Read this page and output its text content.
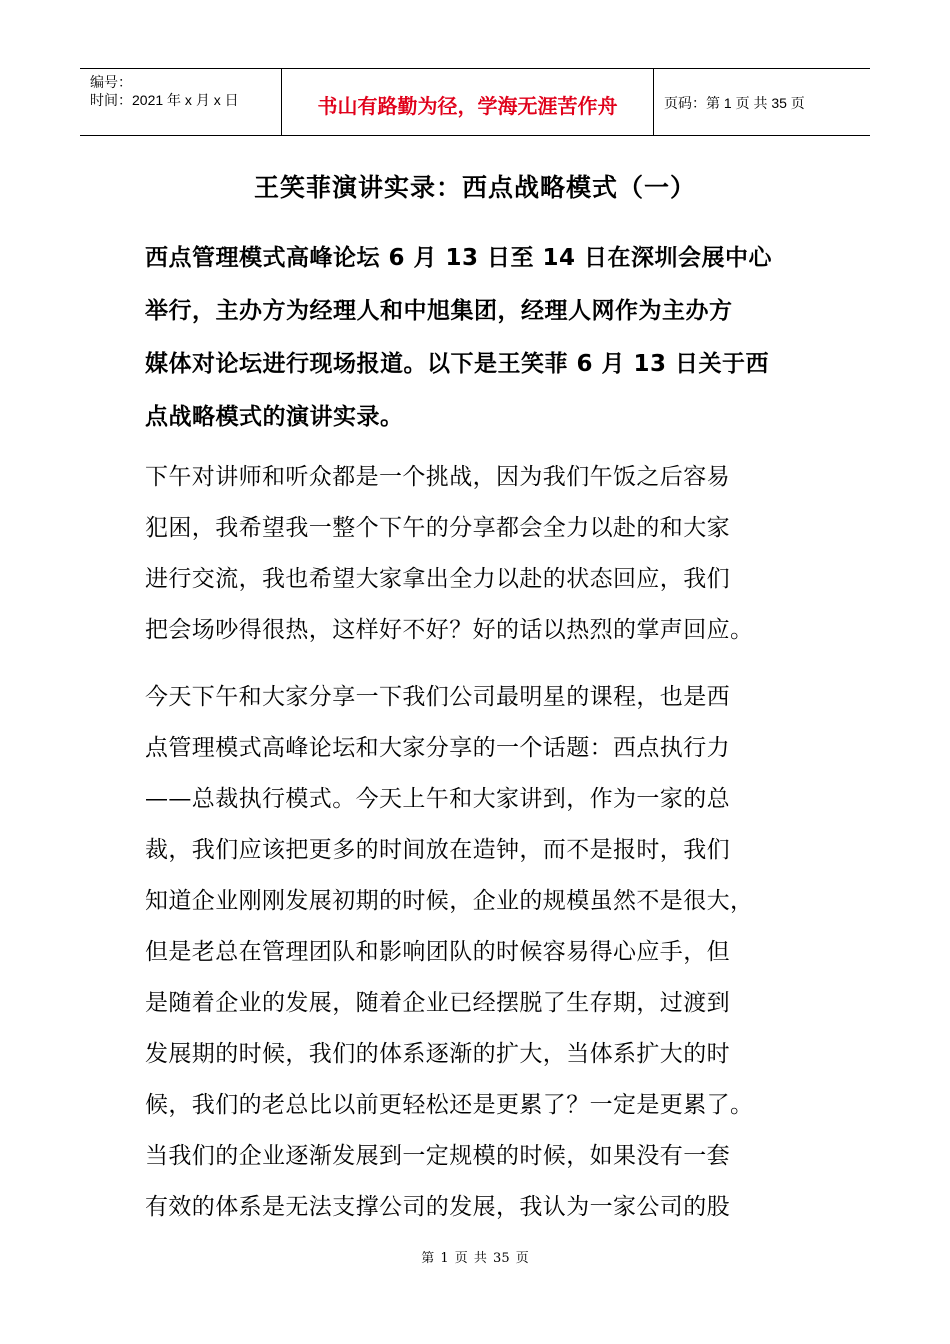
编号：
时间：2021 年 x 月 x 日	书山有路勤为径，学海无涯苦作舟	页码：第 1 页 共 35 页
王笑菲演讲实录：西点战略模式（一）
西点管理模式高峰论坛 6 月 13 日至 14 日在深圳会展中心
举行，主办方为经理人和中旭集团，经理人网作为主办方
媒体对论坛进行现场报道。以下是王笑菲 6 月 13 日关于西
点战略模式的演讲实录。
下午对讲师和听众都是一个挑战，因为我们午饭之后容易
犯困，我希望我一整个下午的分享都会全力以赴的和大家
进行交流，我也希望大家拿出全力以赴的状态回应，我们
把会场吵得很热，这样好不好？好的话以热烈的掌声回应。
今天下午和大家分享一下我们公司最明星的课程，也是西
点管理模式高峰论坛和大家分享的一个话题：西点执行力
——总裁执行模式。今天上午和大家讲到，作为一家的总
裁，我们应该把更多的时间放在造钟，而不是报时，我们
知道企业刚刚发展初期的时候，企业的规模虽然不是很大，
但是老总在管理团队和影响团队的时候容易得心应手，但
是随着企业的发展，随着企业已经摆脱了生存期，过渡到
发展期的时候，我们的体系逐渐的扩大，当体系扩大的时
候，我们的老总比以前更轻松还是更累了？一定是更累了。
当我们的企业逐渐发展到一定规模的时候，如果没有一套
有效的体系是无法支撑公司的发展，我认为一家公司的股
第 1 页 共 35 页
